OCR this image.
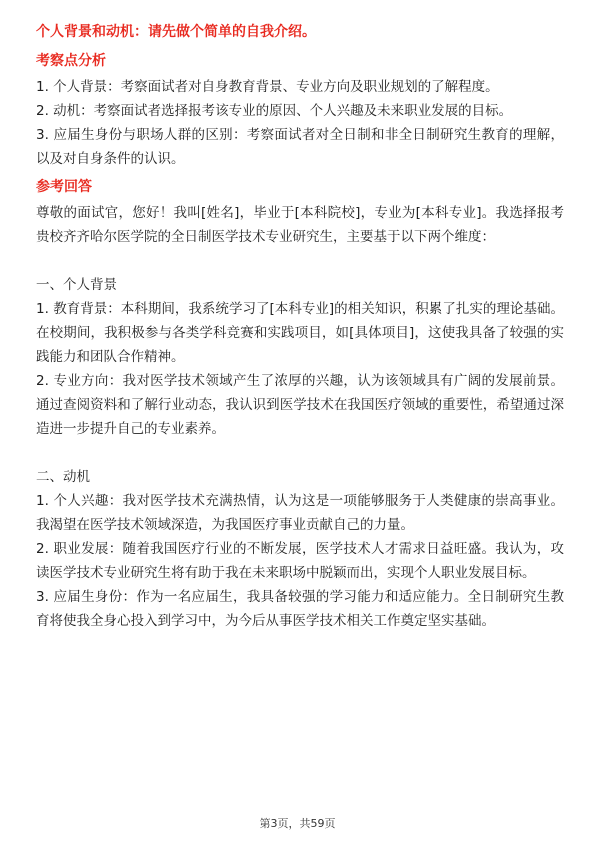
个人背景和动机：请先做个简单的自我介绍。

考察点分析

1. 个人背景：考察面试者对自身教育背景、专业方向及职业规划的了解程度。

2. 动机：考察面试者选择报考该专业的原因、个人兴趣及未来职业发展的目标。

3. 应届生身份与职场人群的区别：考察面试者对全日制和非全日制研究生教育的理解，以及对自身条件的认识。

参考回答

尊敬的面试官，您好！我叫[姓名]，毕业于[本科院校]，专业为[本科专业]。我选择报考贵校齐齐哈尔医学院的全日制医学技术专业研究生，主要基于以下两个维度：

一、个人背景

1. 教育背景：本科期间，我系统学习了[本科专业]的相关知识，积累了扎实的理论基础。在校期间，我积极参与各类学科竞赛和实践项目，如[具体项目]，这使我具备了较强的实践能力和团队合作精神。

2. 专业方向：我对医学技术领域产生了浓厚的兴趣，认为该领域具有广阔的发展前景。通过查阅资料和了解行业动态，我认识到医学技术在我国医疗领域的重要性，希望通过深造进一步提升自己的专业素养。

二、动机

1. 个人兴趣：我对医学技术充满热情，认为这是一项能够服务于人类健康的崇高事业。我渴望在医学技术领域深造，为我国医疗事业贡献自己的力量。

2. 职业发展：随着我国医疗行业的不断发展，医学技术人才需求日益旺盛。我认为，攻读医学技术专业研究生将有助于我在未来职场中脱颖而出，实现个人职业发展目标。

3. 应届生身份：作为一名应届生，我具备较强的学习能力和适应能力。全日制研究生教育将使我全身心投入到学习中，为今后从事医学技术相关工作奠定坚实基础。

第3页，共59页
